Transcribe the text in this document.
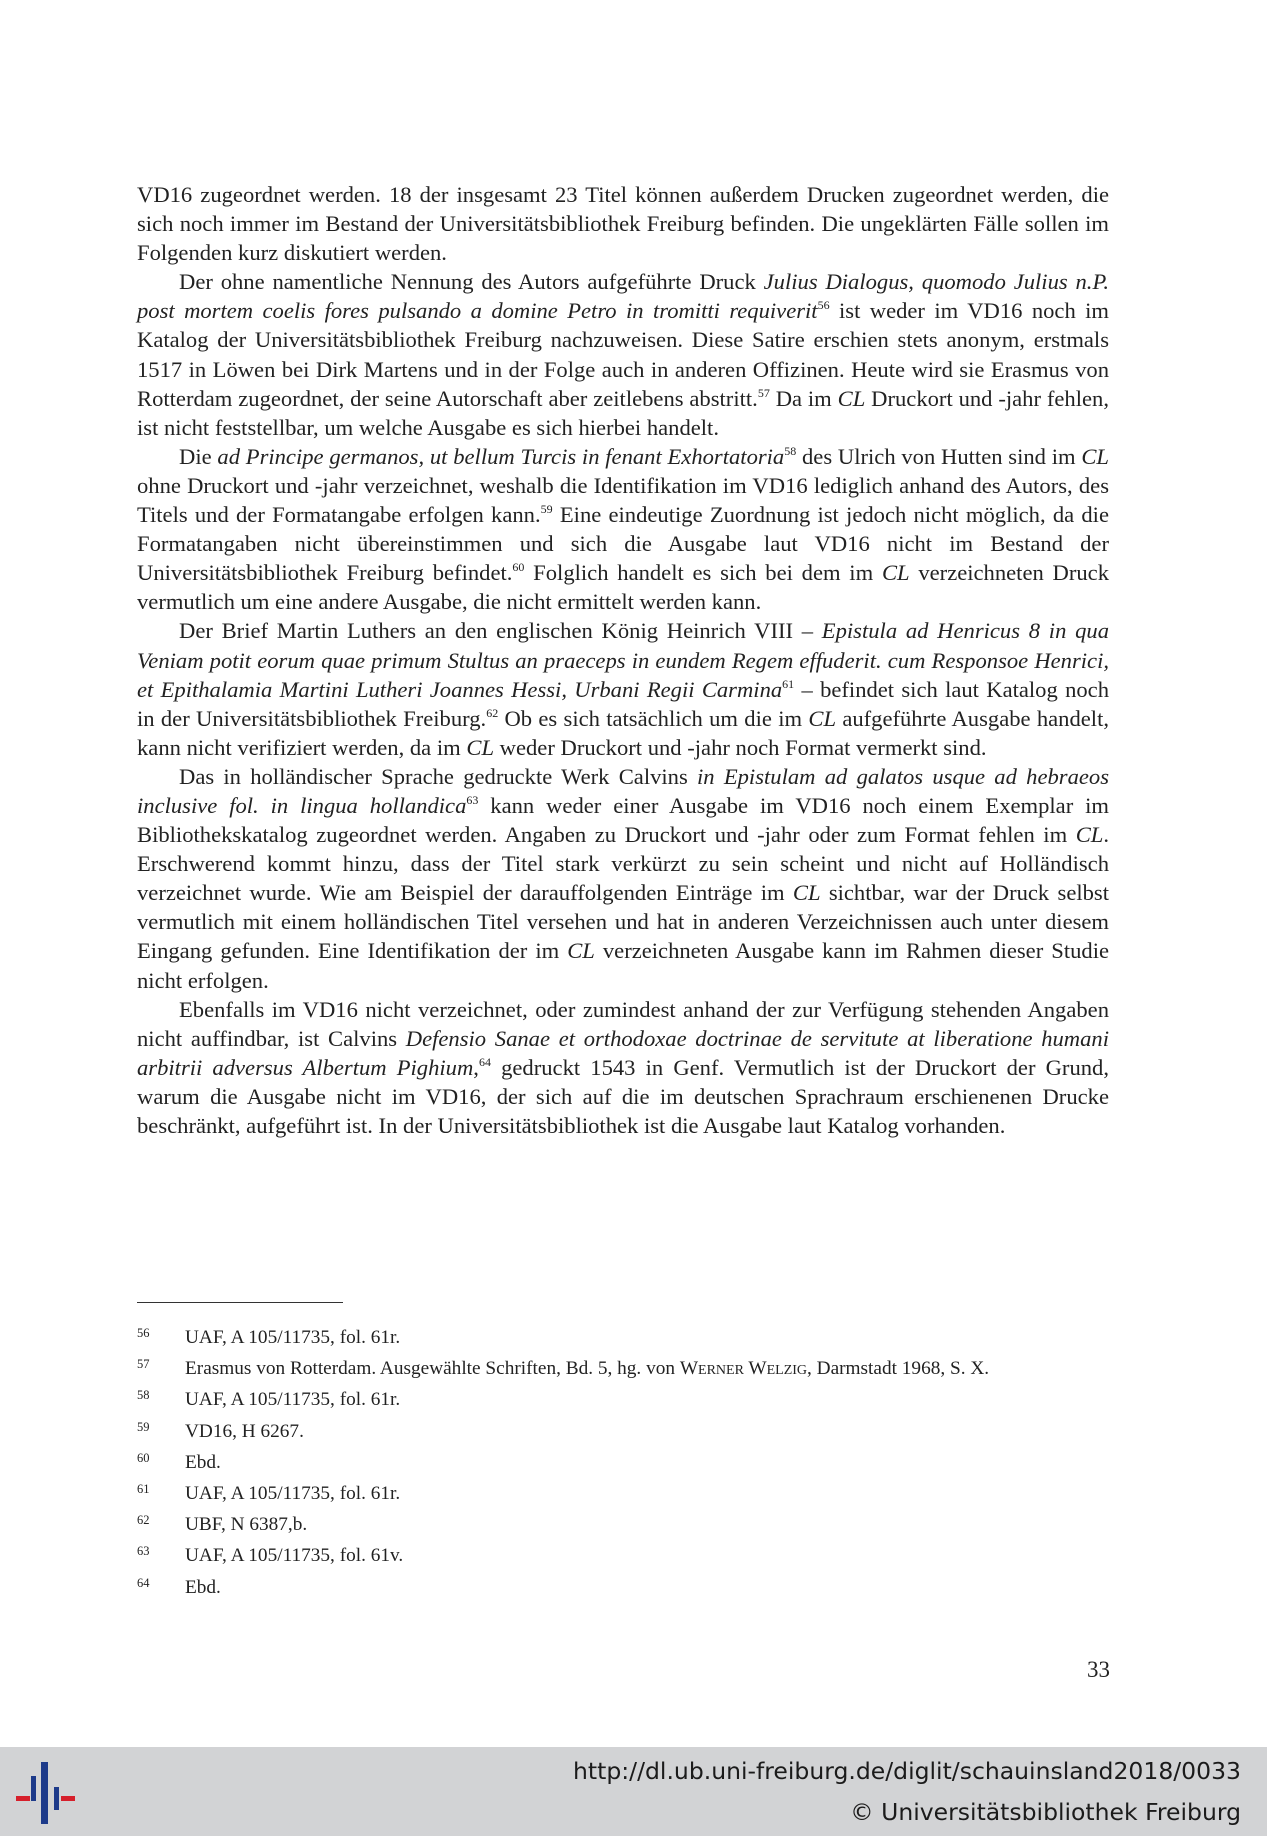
VD16 zugeordnet werden. 18 der insgesamt 23 Titel können außerdem Drucken zugeordnet werden, die sich noch immer im Bestand der Universitätsbibliothek Freiburg befinden. Die ungeklärten Fälle sollen im Folgenden kurz diskutiert werden.

Der ohne namentliche Nennung des Autors aufgeführte Druck Julius Dialogus, quomodo Julius n.P. post mortem coelis fores pulsando a domine Petro in tromitti requiverit$^{56}$ ist weder im VD16 noch im Katalog der Universitätsbibliothek Freiburg nachzuweisen. Diese Satire erschien stets anonym, erstmals 1517 in Löwen bei Dirk Martens und in der Folge auch in anderen Offizinen. Heute wird sie Erasmus von Rotterdam zugeordnet, der seine Autorschaft aber zeitlebens abstritt.$^{57}$ Da im CL Druckort und -jahr fehlen, ist nicht feststellbar, um welche Ausgabe es sich hierbei handelt.

Die ad Principe germanos, ut bellum Turcis in fenant Exhortatoria$^{58}$ des Ulrich von Hutten sind im CL ohne Druckort und -jahr verzeichnet, weshalb die Identifikation im VD16 lediglich anhand des Autors, des Titels und der Formatangabe erfolgen kann.$^{59}$ Eine eindeutige Zuordnung ist jedoch nicht möglich, da die Formatangaben nicht übereinstimmen und sich die Ausgabe laut VD16 nicht im Bestand der Universitätsbibliothek Freiburg befindet.$^{60}$ Folglich handelt es sich bei dem im CL verzeichneten Druck vermutlich um eine andere Ausgabe, die nicht ermittelt werden kann.

Der Brief Martin Luthers an den englischen König Heinrich VIII – Epistula ad Henricus 8 in qua Veniam potit eorum quae primum Stultus an praeceps in eundem Regem effuderit. cum Responsoe Henrici, et Epithalamia Martini Lutheri Joannes Hessi, Urbani Regii Carmina$^{61}$ – befindet sich laut Katalog noch in der Universitätsbibliothek Freiburg.$^{62}$ Ob es sich tatsächlich um die im CL aufgeführte Ausgabe handelt, kann nicht verifiziert werden, da im CL weder Druckort und -jahr noch Format vermerkt sind.

Das in holländischer Sprache gedruckte Werk Calvins in Epistulam ad galatos usque ad hebraeos inclusive fol. in lingua hollandica$^{63}$ kann weder einer Ausgabe im VD16 noch einem Exemplar im Bibliothekskatalog zugeordnet werden. Angaben zu Druckort und -jahr oder zum Format fehlen im CL. Erschwerend kommt hinzu, dass der Titel stark verkürzt zu sein scheint und nicht auf Holländisch verzeichnet wurde. Wie am Beispiel der darauffolgenden Einträge im CL sichtbar, war der Druck selbst vermutlich mit einem holländischen Titel versehen und hat in anderen Verzeichnissen auch unter diesem Eingang gefunden. Eine Identifikation der im CL verzeichneten Ausgabe kann im Rahmen dieser Studie nicht erfolgen.

Ebenfalls im VD16 nicht verzeichnet, oder zumindest anhand der zur Verfügung stehenden Angaben nicht auffindbar, ist Calvins Defensio Sanae et orthodoxae doctrinae de servitute at liberatione humani arbitrii adversus Albertum Pighium,$^{64}$ gedruckt 1543 in Genf. Vermutlich ist der Druckort der Grund, warum die Ausgabe nicht im VD16, der sich auf die im deutschen Sprachraum erschienenen Drucke beschränkt, aufgeführt ist. In der Universitätsbibliothek ist die Ausgabe laut Katalog vorhanden.

56	UAF, A 105/11735, fol. 61r.
57	Erasmus von Rotterdam. Ausgewählte Schriften, Bd. 5, hg. von Werner Welzig, Darmstadt 1968, S. X.
58	UAF, A 105/11735, fol. 61r.
59	VD16, H 6267.
60	Ebd.
61	UAF, A 105/11735, fol. 61r.
62	UBF, N 6387,b.
63	UAF, A 105/11735, fol. 61v.
64	Ebd.
33
http://dl.ub.uni-freiburg.de/diglit/schauinsland2018/0033
© Universitätsbibliothek Freiburg
